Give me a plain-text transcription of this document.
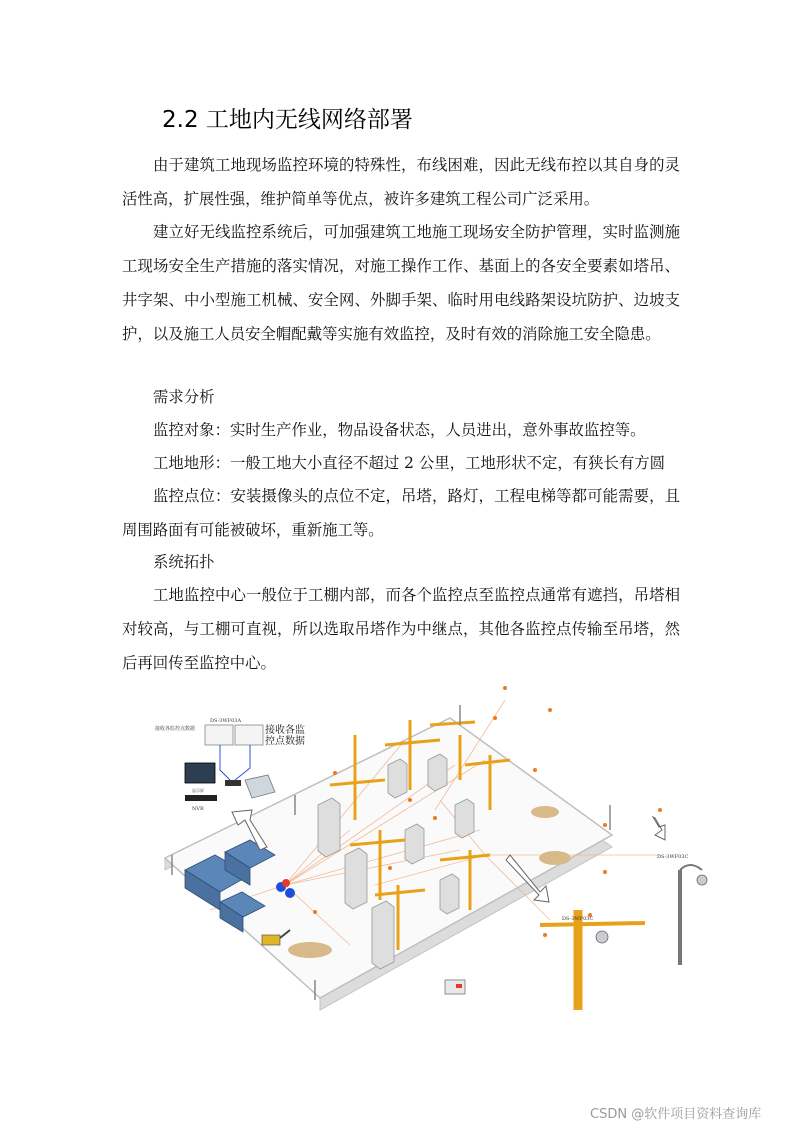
2.2 工地内无线网络部署

由于建筑工地现场监控环境的特殊性，布线困难，因此无线布控以其自身的灵活性高，扩展性强，维护简单等优点，被许多建筑工程公司广泛采用。

建立好无线监控系统后，可加强建筑工地施工现场安全防护管理，实时监测施工现场安全生产措施的落实情况，对施工操作工作、基面上的各安全要素如塔吊、井字架、中小型施工机械、安全网、外脚手架、临时用电线路架设坑防护、边坡支护，以及施工人员安全帽配戴等实施有效监控，及时有效的消除施工安全隐患。

需求分析

监控对象：实时生产作业，物品设备状态，人员进出，意外事故监控等。

工地地形：一般工地大小直径不超过 2 公里，工地形状不定，有狭长有方圆

监控点位：安装摄像头的点位不定，吊塔，路灯，工程电梯等都可能需要，且周围路面有可能被破坏，重新施工等。

系统拓扑

工地监控中心一般位于工棚内部，而各个监控点至监控点通常有遮挡，吊塔相对较高，与工棚可直视，所以选取吊塔作为中继点，其他各监控点传输至吊塔，然后再回传至监控中心。

接收各监控点数据
DS-3WF03A
接收各监
控点数据
显示屏
NVR
DS-3WF03C
DS-3WF03C
CSDN @软件项目资料查询库
